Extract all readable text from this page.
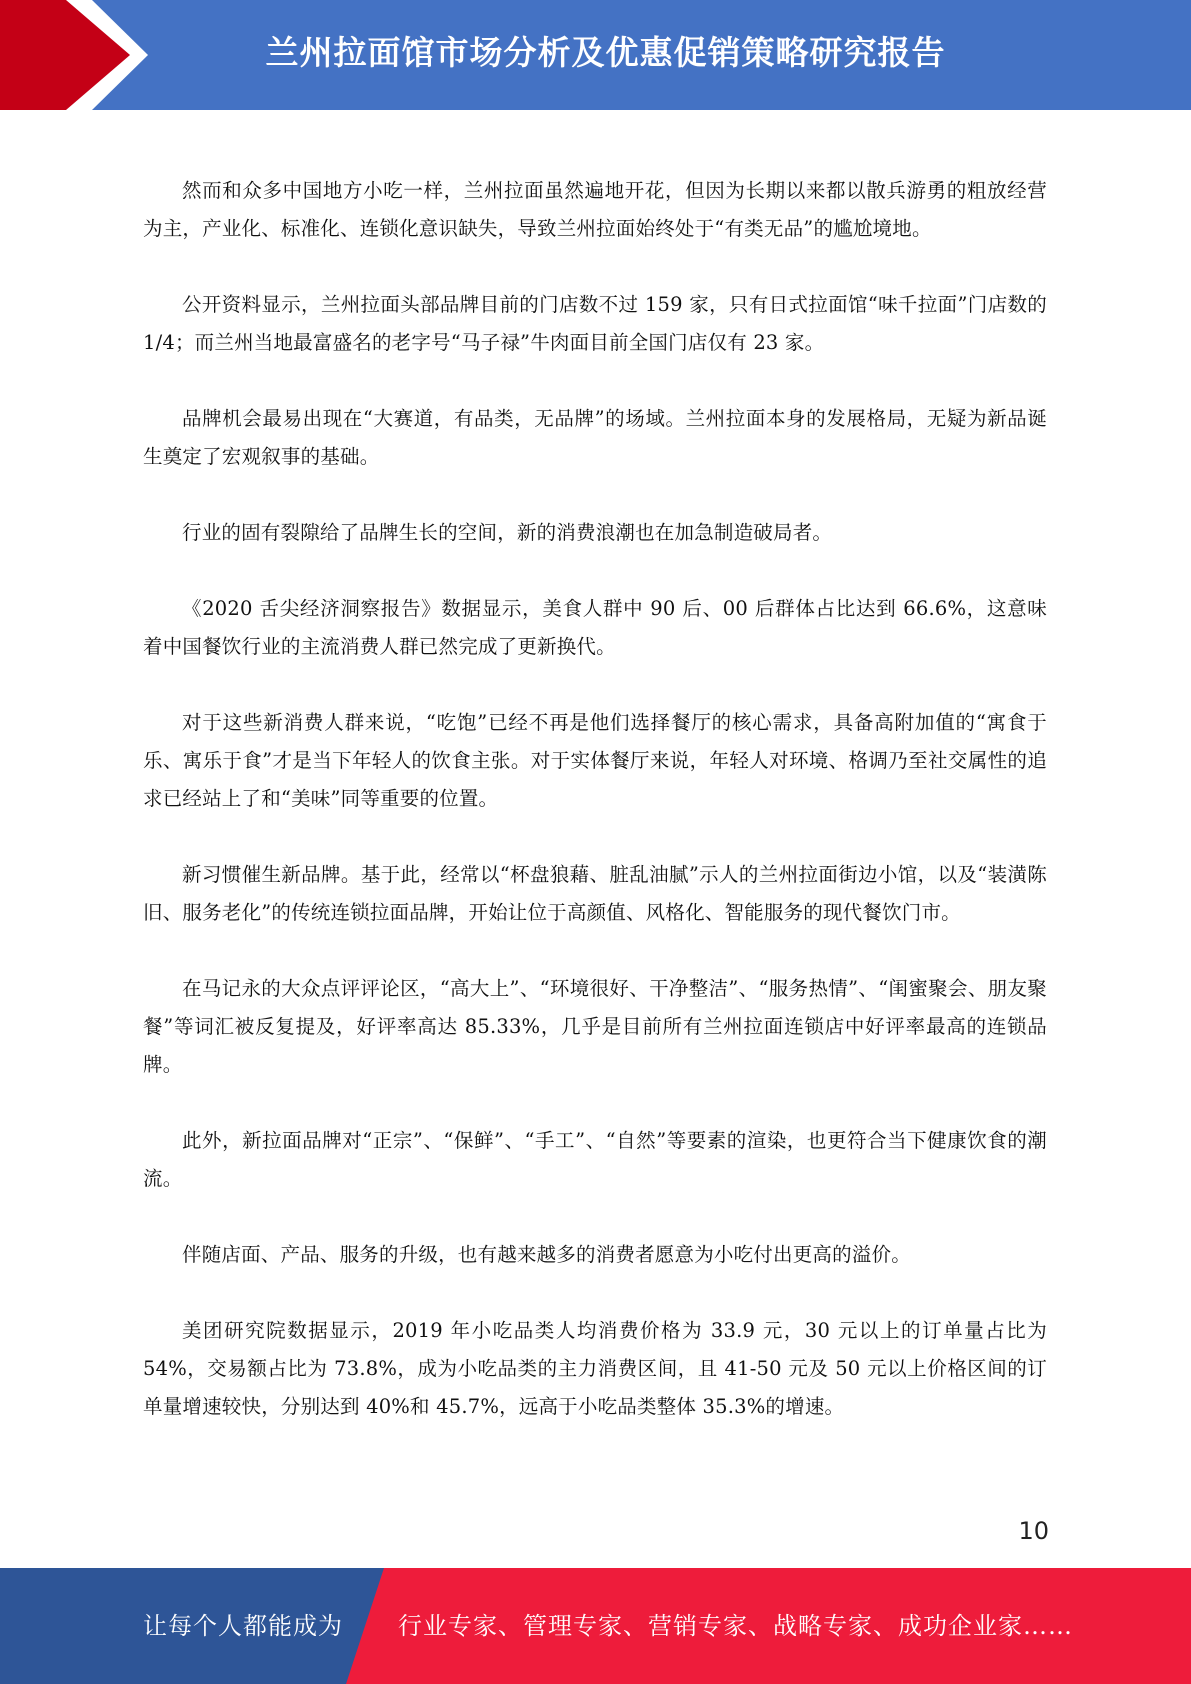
兰州拉面馆市场分析及优惠促销策略研究报告

然而和众多中国地方小吃一样，兰州拉面虽然遍地开花，但因为长期以来都以散兵游勇的粗放经营为主，产业化、标准化、连锁化意识缺失，导致兰州拉面始终处于“有类无品”的尴尬境地。

公开资料显示，兰州拉面头部品牌目前的门店数不过 159 家，只有日式拉面馆“味千拉面”门店数的 1/4；而兰州当地最富盛名的老字号“马子禄”牛肉面目前全国门店仅有 23 家。

品牌机会最易出现在“大赛道，有品类，无品牌”的场域。兰州拉面本身的发展格局，无疑为新品诞生奠定了宏观叙事的基础。

行业的固有裂隙给了品牌生长的空间，新的消费浪潮也在加急制造破局者。

《2020 舌尖经济洞察报告》数据显示，美食人群中 90 后、00 后群体占比达到 66.6%，这意味着中国餐饮行业的主流消费人群已然完成了更新换代。

对于这些新消费人群来说，“吃饱”已经不再是他们选择餐厅的核心需求，具备高附加值的“寓食于乐、寓乐于食”才是当下年轻人的饮食主张。对于实体餐厅来说，年轻人对环境、格调乃至社交属性的追求已经站上了和“美味”同等重要的位置。

新习惯催生新品牌。基于此，经常以“杯盘狼藉、脏乱油腻”示人的兰州拉面街边小馆，以及“装潢陈旧、服务老化”的传统连锁拉面品牌，开始让位于高颜值、风格化、智能服务的现代餐饮门市。

在马记永的大众点评评论区，“高大上”、“环境很好、干净整洁”、“服务热情”、“闺蜜聚会、朋友聚餐”等词汇被反复提及，好评率高达 85.33%，几乎是目前所有兰州拉面连锁店中好评率最高的连锁品牌。

此外，新拉面品牌对“正宗”、“保鲜”、“手工”、“自然”等要素的渲染，也更符合当下健康饮食的潮流。

伴随店面、产品、服务的升级，也有越来越多的消费者愿意为小吃付出更高的溢价。

美团研究院数据显示，2019 年小吃品类人均消费价格为 33.9 元，30 元以上的订单量占比为 54%，交易额占比为 73.8%，成为小吃品类的主力消费区间，且 41-50 元及 50 元以上价格区间的订单量增速较快，分别达到 40%和 45.7%，远高于小吃品类整体 35.3%的增速。

10
让每个人都能成为 行业专家、管理专家、营销专家、战略专家、成功企业家……
